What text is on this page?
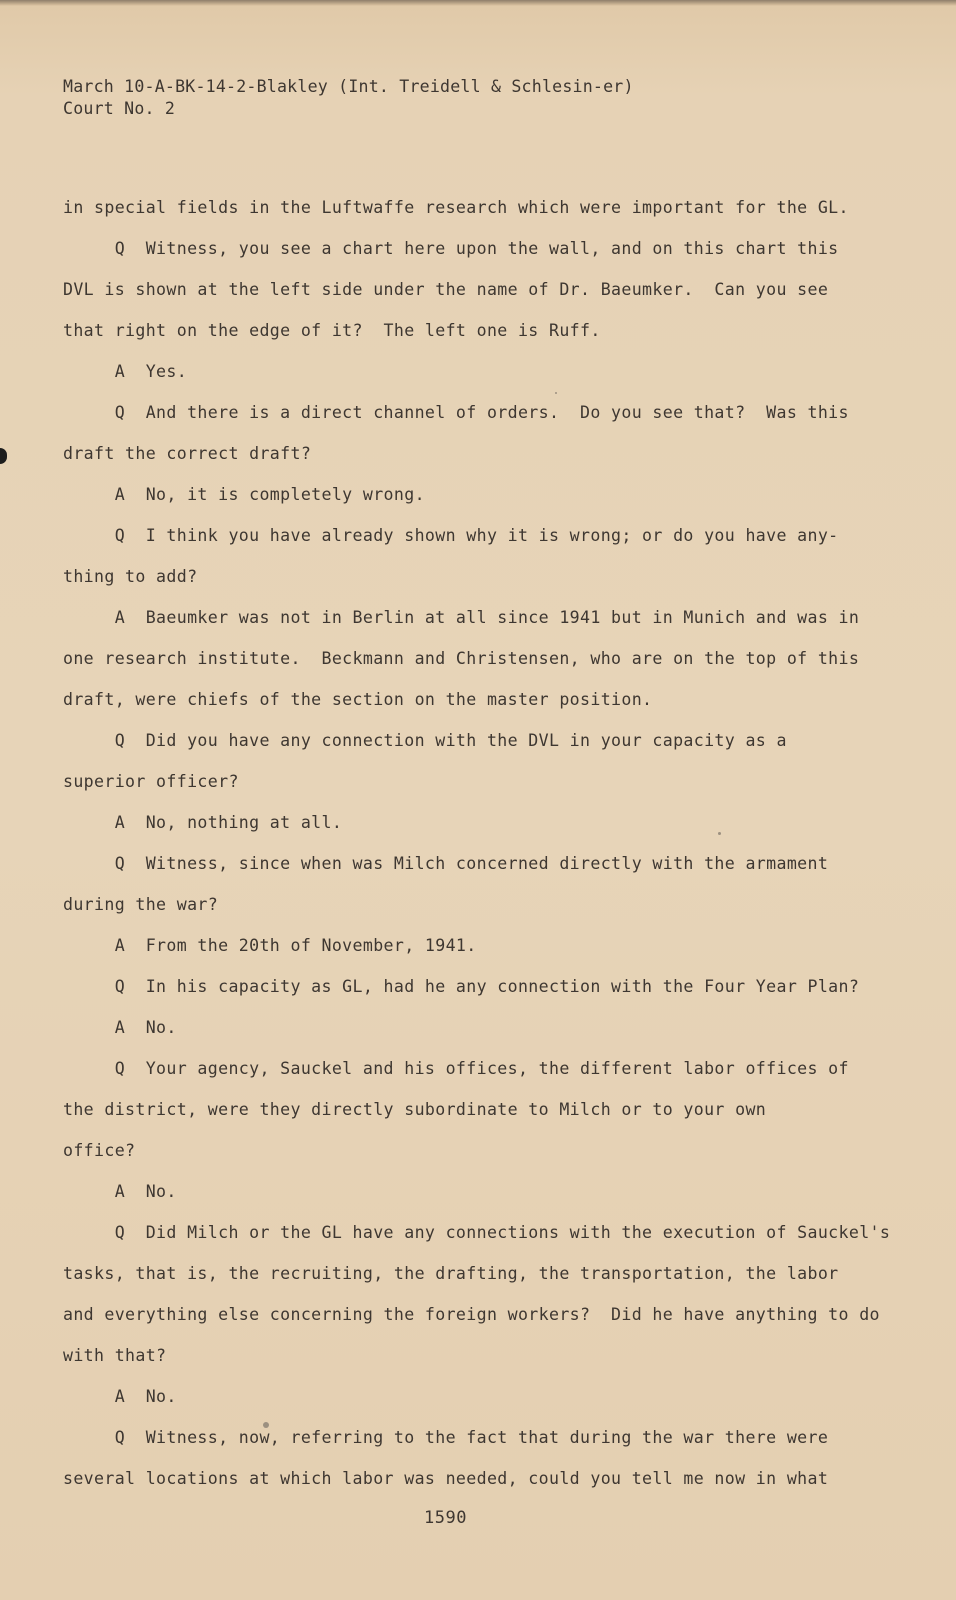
March 10-A-BK-14-2-Blakley (Int. Treidell & Schlesin-er)
Court No. 2
in special fields in the Luftwaffe research which were important for the GL.
Q  Witness, you see a chart here upon the wall, and on this chart this
DVL is shown at the left side under the name of Dr. Baeumker.  Can you see
that right on the edge of it?  The left one is Ruff.
A  Yes.
Q  And there is a direct channel of orders.  Do you see that?  Was this
draft the correct draft?
A  No, it is completely wrong.
Q  I think you have already shown why it is wrong; or do you have any-
thing to add?
A  Baeumker was not in Berlin at all since 1941 but in Munich and was in
one research institute.  Beckmann and Christensen, who are on the top of this
draft, were chiefs of the section on the master position.
Q  Did you have any connection with the DVL in your capacity as a
superior officer?
A  No, nothing at all.
Q  Witness, since when was Milch concerned directly with the armament
during the war?
A  From the 20th of November, 1941.
Q  In his capacity as GL, had he any connection with the Four Year Plan?
A  No.
Q  Your agency, Sauckel and his offices, the different labor offices of
the district, were they directly subordinate to Milch or to your own
office?
A  No.
Q  Did Milch or the GL have any connections with the execution of Sauckel's
tasks, that is, the recruiting, the drafting, the transportation, the labor
and everything else concerning the foreign workers?  Did he have anything to do
with that?
A  No.
Q  Witness, now, referring to the fact that during the war there were
several locations at which labor was needed, could you tell me now in what
1590
